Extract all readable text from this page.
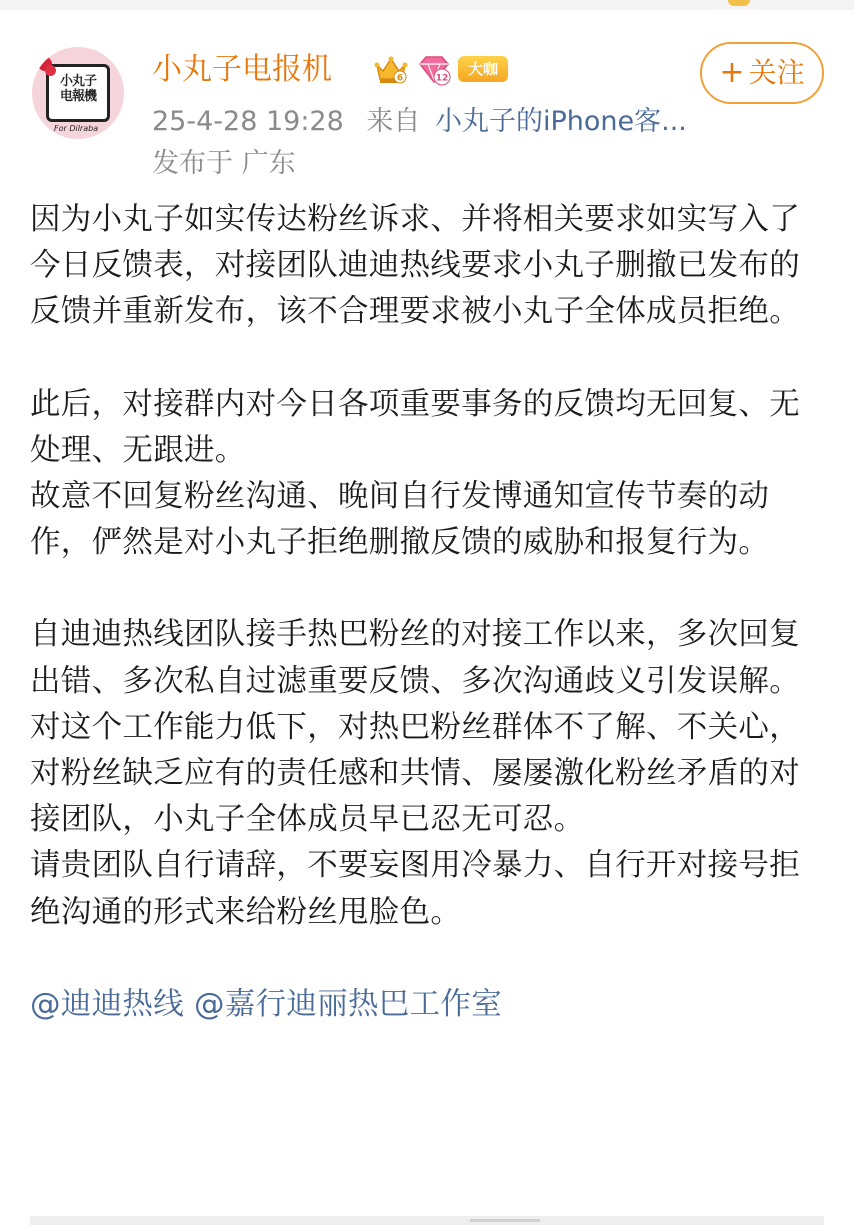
小丸子
电報機
For Dilraba
小丸子电报机	6	12
大咖
25-4-28 19:28 来自 小丸子的iPhone客...
发布于 广东
+ 关注

因为小丸子如实传达粉丝诉求、并将相关要求如实写入了今日反馈表，对接团队迪迪热线要求小丸子删撤已发布的反馈并重新发布，该不合理要求被小丸子全体成员拒绝。

此后，对接群内对今日各项重要事务的反馈均无回复、无处理、无跟进。

故意不回复粉丝沟通、晚间自行发博通知宣传节奏的动作，俨然是对小丸子拒绝删撤反馈的威胁和报复行为。

自迪迪热线团队接手热巴粉丝的对接工作以来，多次回复出错、多次私自过滤重要反馈、多次沟通歧义引发误解。对这个工作能力低下，对热巴粉丝群体不了解、不关心，对粉丝缺乏应有的责任感和共情、屡屡激化粉丝矛盾的对接团队，小丸子全体成员早已忍无可忍。

请贵团队自行请辞，不要妄图用冷暴力、自行开对接号拒绝沟通的形式来给粉丝甩脸色。

@迪迪热线 @嘉行迪丽热巴工作室
